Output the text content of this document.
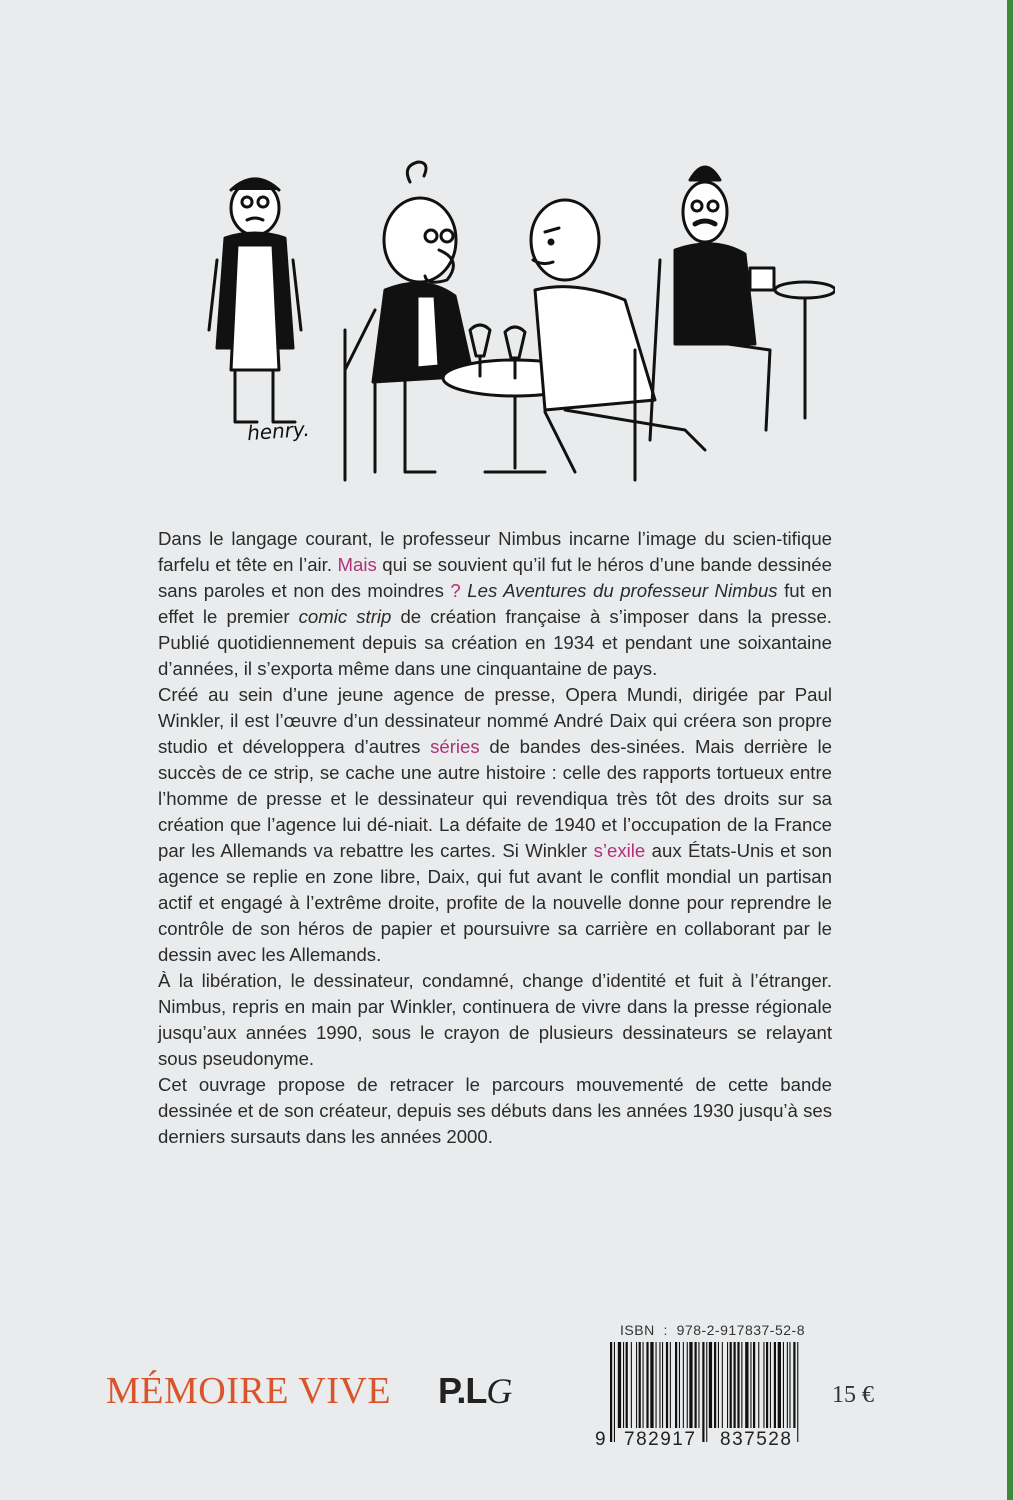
henry.

Dans le langage courant, le professeur Nimbus incarne l’image du scien-tifique farfelu et tête en l’air. Mais qui se souvient qu’il fut le héros d’une bande dessinée sans paroles et non des moindres ? Les Aventures du professeur Nimbus fut en effet le premier comic strip de création française à s’imposer dans la presse. Publié quotidiennement depuis sa création en 1934 et pendant une soixantaine d’années, il s’exporta même dans une cinquantaine de pays.

Créé au sein d’une jeune agence de presse, Opera Mundi, dirigée par Paul Winkler, il est l’œuvre d’un dessinateur nommé André Daix qui créera son propre studio et développera d’autres séries de bandes des-sinées. Mais derrière le succès de ce strip, se cache une autre histoire : celle des rapports tortueux entre l’homme de presse et le dessinateur qui revendiqua très tôt des droits sur sa création que l’agence lui dé-niait. La défaite de 1940 et l’occupation de la France par les Allemands va rebattre les cartes. Si Winkler s’exile aux États-Unis et son agence se replie en zone libre, Daix, qui fut avant le conflit mondial un partisan actif et engagé à l’extrême droite, profite de la nouvelle donne pour reprendre le contrôle de son héros de papier et poursuivre sa carrière en collaborant par le dessin avec les Allemands.

À la libération, le dessinateur, condamné, change d’identité et fuit à l’étranger. Nimbus, repris en main par Winkler, continuera de vivre dans la presse régionale jusqu’aux années 1990, sous le crayon de plusieurs dessinateurs se relayant sous pseudonyme.

Cet ouvrage propose de retracer le parcours mouvementé de cette bande dessinée et de son créateur, depuis ses débuts dans les années 1930 jusqu’à ses derniers sursauts dans les années 2000.

MÉMOIRE VIVE P.LG
ISBN  :  978-2-917837-52-8
9 782917 837528
15 €
